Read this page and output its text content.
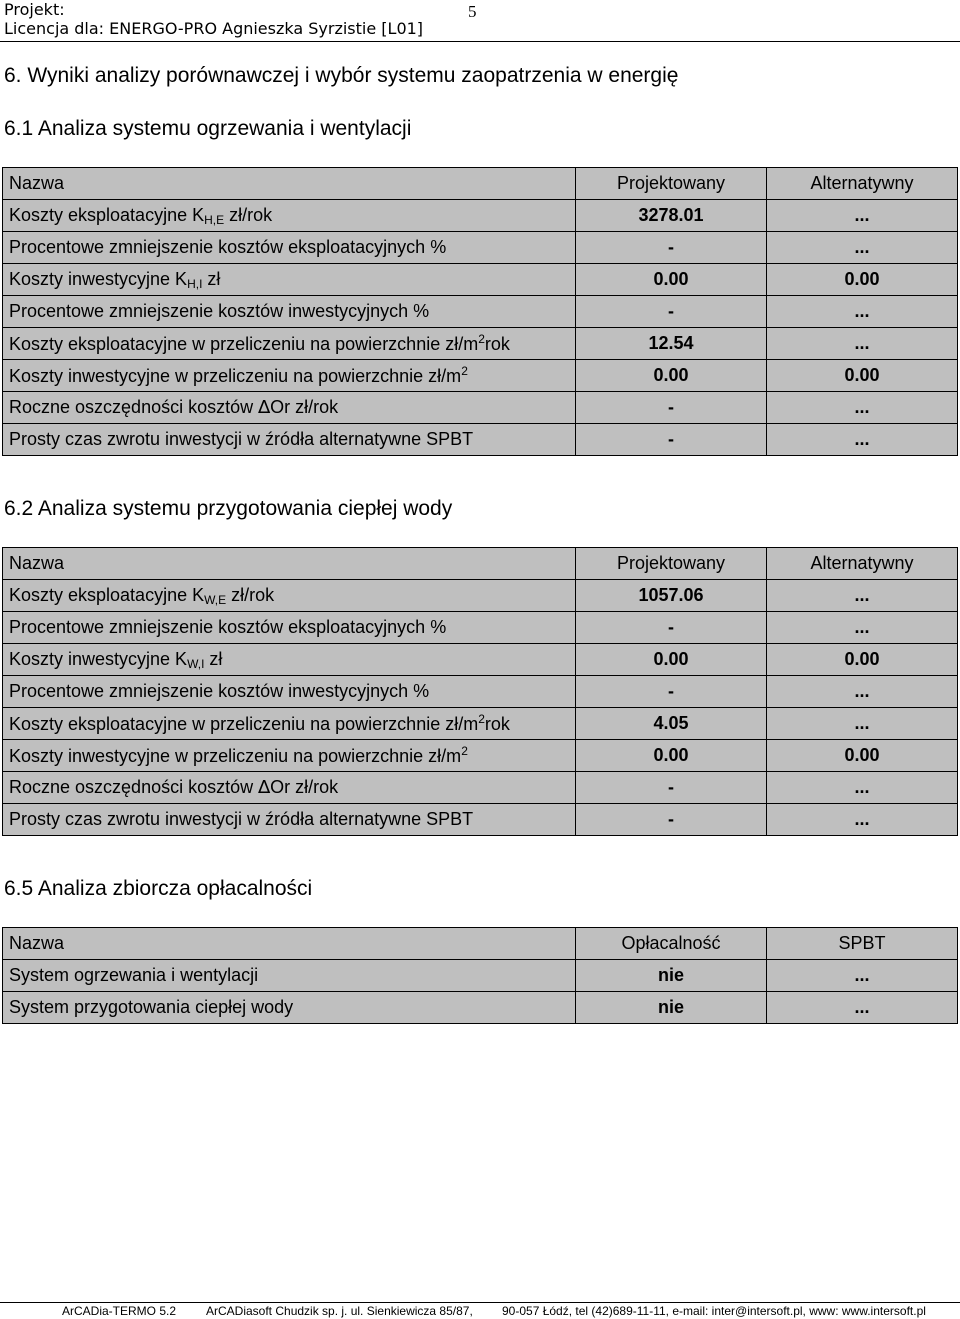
Projekt:
Licencja dla: ENERGO-PRO Agnieszka Syrzistie [L01]
5
6. Wyniki analizy porównawczej i wybór systemu zaopatrzenia w energię
6.1 Analiza systemu ogrzewania i wentylacji
Nazwa	Projektowany	Alternatywny
Koszty eksploatacyjne $K_{H,E}$ zł/rok	3278.01	...
Procentowe zmniejszenie kosztów eksploatacyjnych %	-	...
Koszty inwestycyjne $K_{H,I}$ zł	0.00	0.00
Procentowe zmniejszenie kosztów inwestycyjnych %	-	...
Koszty eksploatacyjne w przeliczeniu na powierzchnie $zł/m^2rok$	12.54	...
Koszty inwestycyjne w przeliczeniu na powierzchnie $zł/m^2$	0.00	0.00
Roczne oszczędności kosztów ∆Or zł/rok	-	...
Prosty czas zwrotu inwestycji w źródła alternatywne SPBT	-	...
6.2 Analiza systemu przygotowania ciepłej wody
Nazwa	Projektowany	Alternatywny
Koszty eksploatacyjne $K_{W,E}$ zł/rok	1057.06	...
Procentowe zmniejszenie kosztów eksploatacyjnych %	-	...
Koszty inwestycyjne $K_{W,I}$ zł	0.00	0.00
Procentowe zmniejszenie kosztów inwestycyjnych %	-	...
Koszty eksploatacyjne w przeliczeniu na powierzchnie $zł/m^2rok$	4.05	...
Koszty inwestycyjne w przeliczeniu na powierzchnie $zł/m^2$	0.00	0.00
Roczne oszczędności kosztów ∆Or zł/rok	-	...
Prosty czas zwrotu inwestycji w źródła alternatywne SPBT	-	...
6.5 Analiza zbiorcza opłacalności
Nazwa	Opłacalność	SPBT
System ogrzewania i wentylacji	nie	...
System przygotowania ciepłej wody	nie	...
ArCADia-TERMO 5.2 ArCADiasoft Chudzik sp. j. ul. Sienkiewicza 85/87, 90-057 Łódź, tel (42)689-11-11, e-mail: inter@intersoft.pl, www: www.intersoft.pl
